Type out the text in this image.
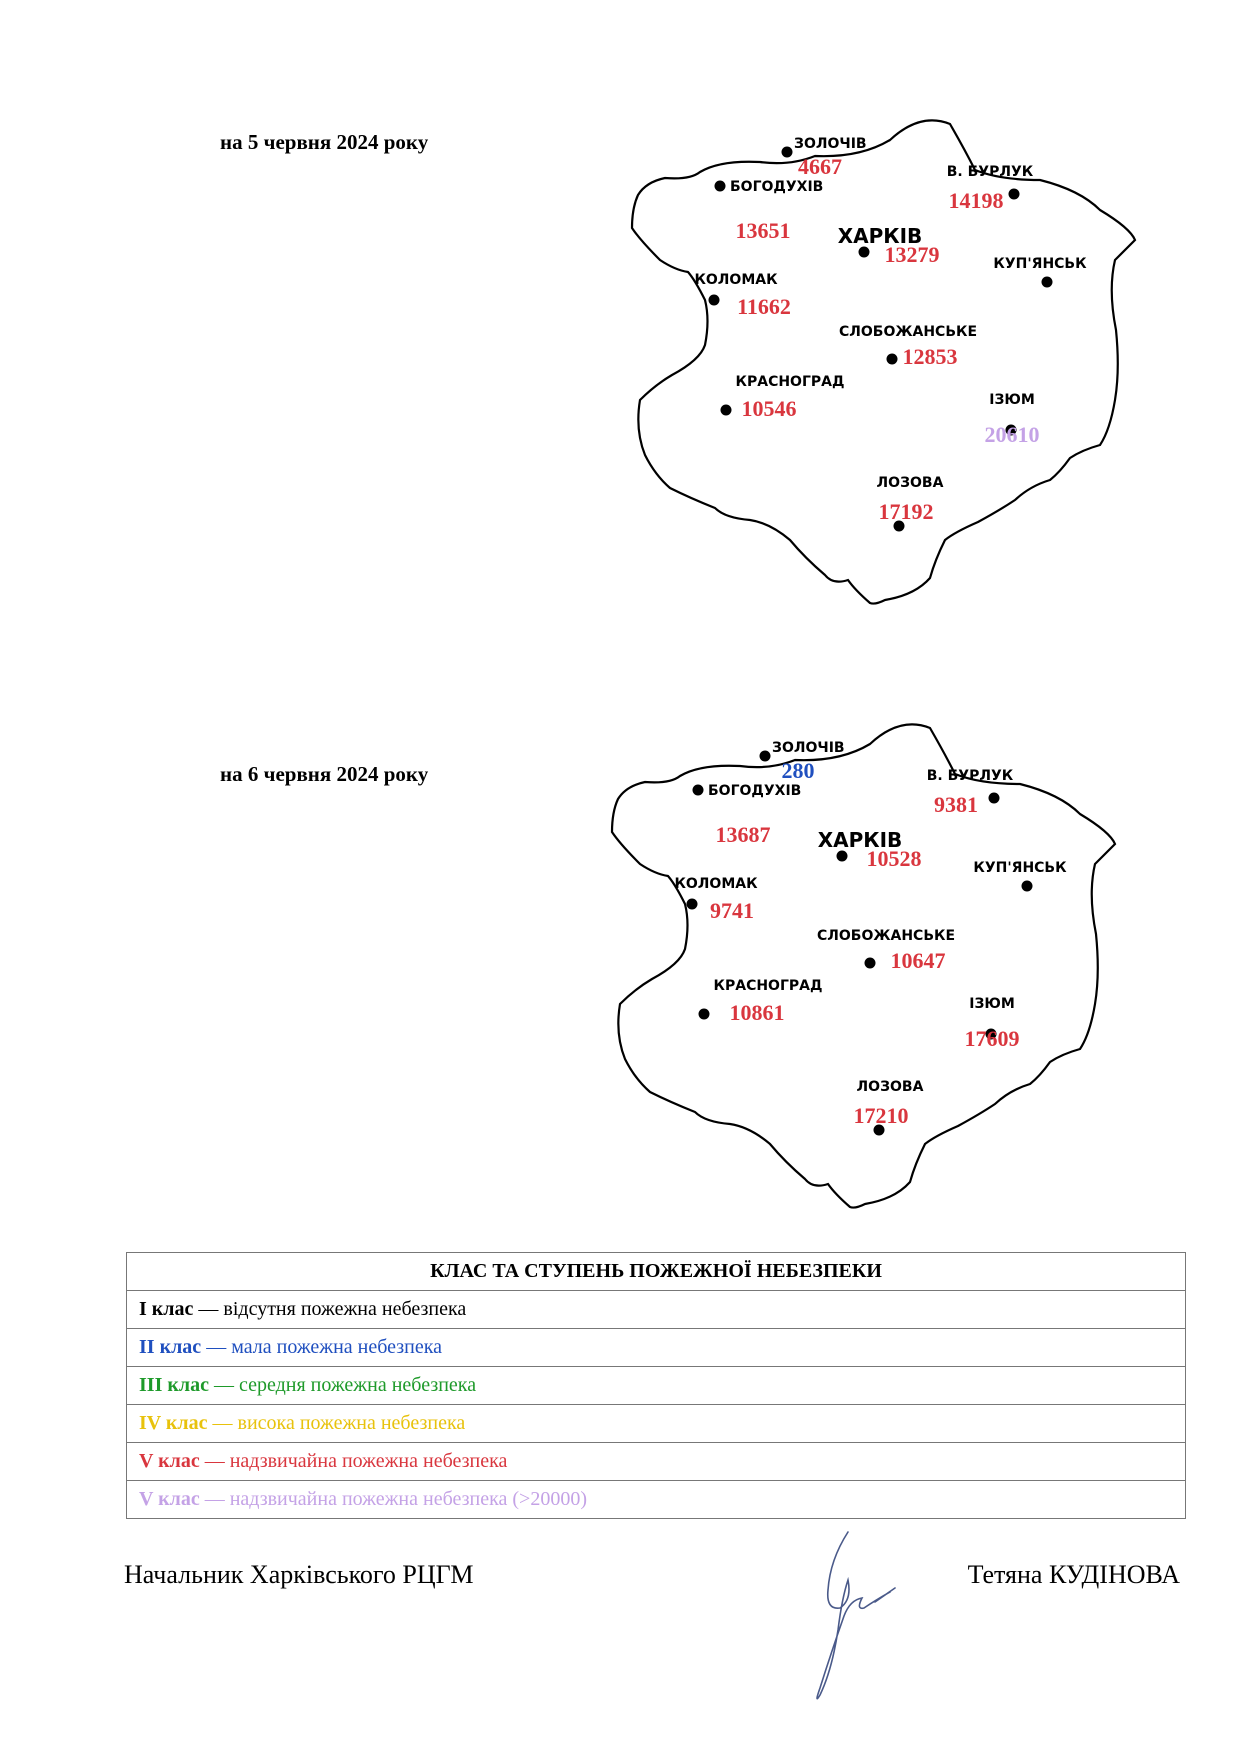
на 5 червня 2024 року
на 6 червня 2024 року
ЗОЛОЧІВ
4667
БОГОДУХІВ
13651
В. БУРЛУК
14198
ХАРКІВ
13279	КУП'ЯНСЬК
КОЛОМАК
11662
СЛОБОЖАНСЬКЕ
12853
КРАСНОГРАД
10546	ІЗЮМ
20610
ЛОЗОВА
17192
ЗОЛОЧІВ
280
БОГОДУХІВ
13687
В. БУРЛУК
9381
ХАРКІВ
10528	КУП'ЯНСЬК
КОЛОМАК
9741
СЛОБОЖАНСЬКЕ
10647
КРАСНОГРАД
10861	ІЗЮМ
17609
ЛОЗОВА
17210
КЛАС ТА СТУПЕНЬ ПОЖЕЖНОЇ НЕБЕЗПЕКИ
I клас — відсутня пожежна небезпека
II клас — мала пожежна небезпека
III клас — середня пожежна небезпека
IV клас — висока пожежна небезпека
V клас — надзвичайна пожежна небезпека
V клас — надзвичайна пожежна небезпека (>20000)
Начальник Харківського РЦГМ	Тетяна КУДІНОВА
